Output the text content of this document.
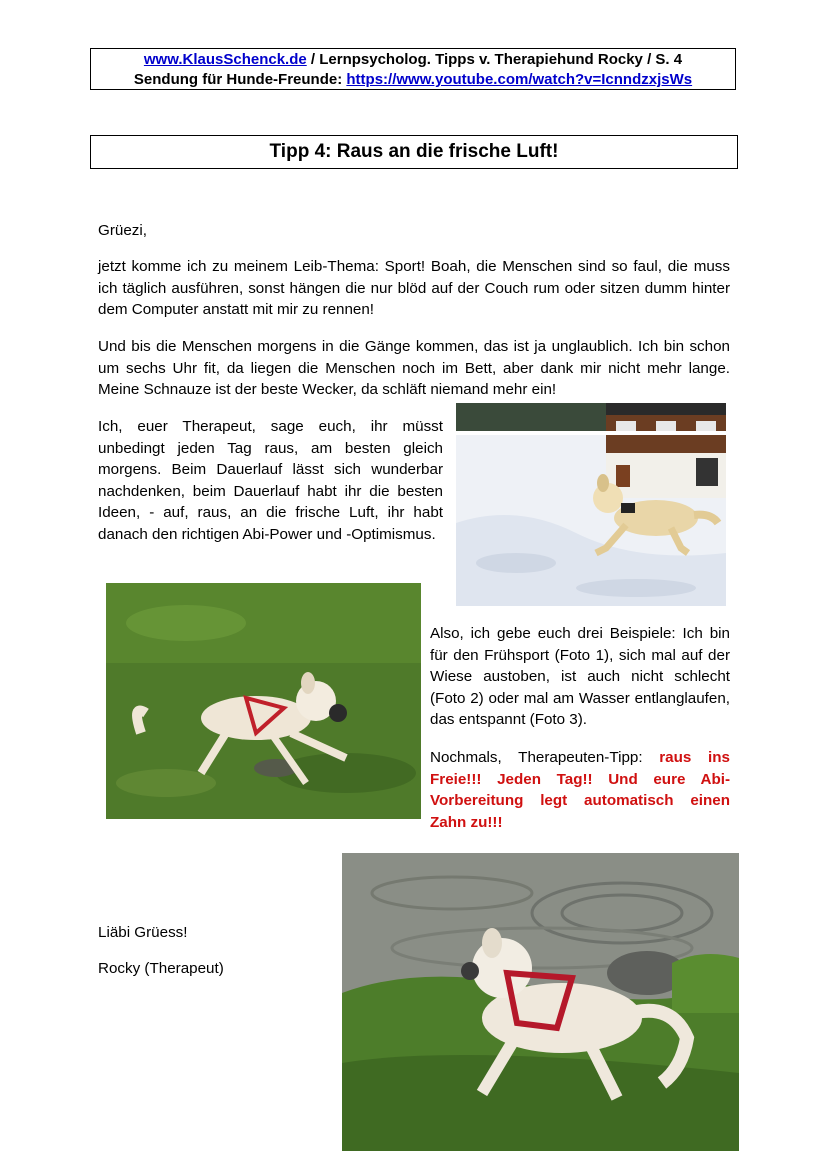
www.KlausSchenck.de / Lernpsycholog. Tipps v. Therapiehund Rocky / S. 4
Sendung für Hunde-Freunde: https://www.youtube.com/watch?v=IcnndzxjsWs
Tipp 4: Raus an die frische Luft!

Grüezi,

jetzt komme ich zu meinem Leib-Thema: Sport! Boah, die Menschen sind so faul, die muss ich täglich ausführen, sonst hängen die nur blöd auf der Couch rum oder sitzen dumm hinter dem Computer anstatt mit mir zu rennen!

Und bis die Menschen morgens in die Gänge kommen, das ist ja unglaublich. Ich bin schon um sechs Uhr fit, da liegen die Menschen noch im Bett, aber dank mir nicht mehr lange. Meine Schnauze ist der beste Wecker, da schläft niemand mehr ein!

Ich, euer Therapeut, sage euch, ihr müsst unbedingt jeden Tag raus, am besten gleich morgens. Beim Dauerlauf lässt sich wunderbar nachdenken, beim Dauerlauf habt ihr die besten Ideen, - auf, raus, an die frische Luft, ihr habt danach den richtigen Abi-Power und -Optimismus.

Also, ich gebe euch drei Beispiele: Ich bin für den Frühsport (Foto 1), sich mal auf der Wiese austoben, ist auch nicht schlecht (Foto 2) oder mal am Wasser entlanglaufen, das entspannt (Foto 3).

Nochmals, Therapeuten-Tipp: raus ins Freie!!! Jeden Tag!! Und eure Abi-Vorbereitung legt automatisch einen Zahn zu!!!

Liäbi Grüess!

Rocky (Therapeut)
